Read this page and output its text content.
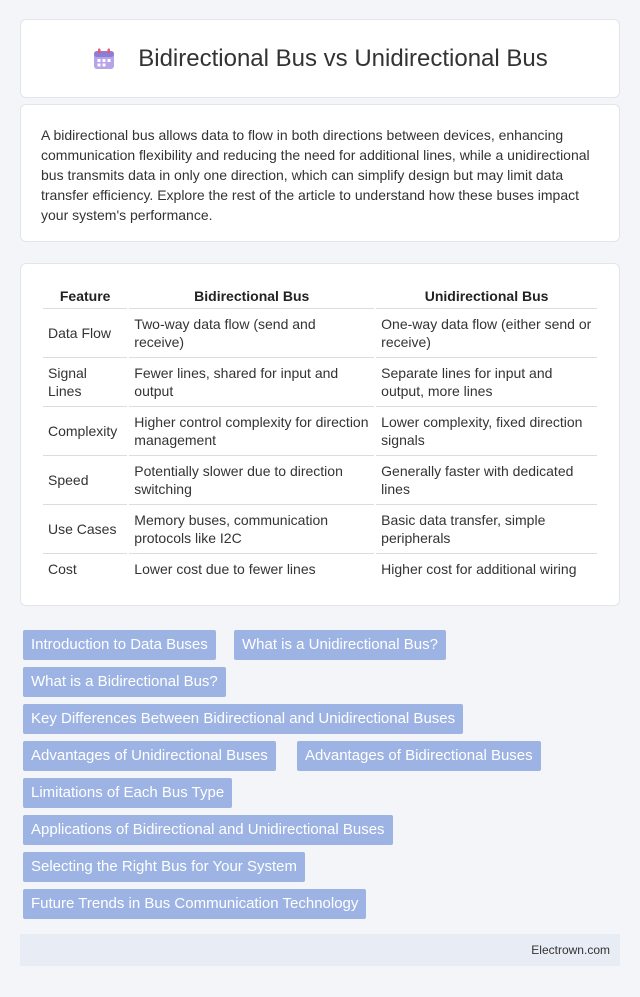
Bidirectional Bus vs Unidirectional Bus

A bidirectional bus allows data to flow in both directions between devices, enhancing communication flexibility and reducing the need for additional lines, while a unidirectional bus transmits data in only one direction, which can simplify design but may limit data transfer efficiency. Explore the rest of the article to understand how these buses impact your system's performance.

Feature	Bidirectional Bus	Unidirectional Bus
Data Flow	Two-way data flow (send and receive)	One-way data flow (either send or receive)
Signal Lines	Fewer lines, shared for input and output	Separate lines for input and output, more lines
Complexity	Higher control complexity for direction management	Lower complexity, fixed direction signals
Speed	Potentially slower due to direction switching	Generally faster with dedicated lines
Use Cases	Memory buses, communication protocols like I2C	Basic data transfer, simple peripherals
Cost	Lower cost due to fewer lines	Higher cost for additional wiring
Introduction to Data Buses	What is a Unidirectional Bus?
What is a Bidirectional Bus?
Key Differences Between Bidirectional and Unidirectional Buses
Advantages of Unidirectional Buses	Advantages of Bidirectional Buses
Limitations of Each Bus Type
Applications of Bidirectional and Unidirectional Buses
Selecting the Right Bus for Your System
Future Trends in Bus Communication Technology
Electrown.com
